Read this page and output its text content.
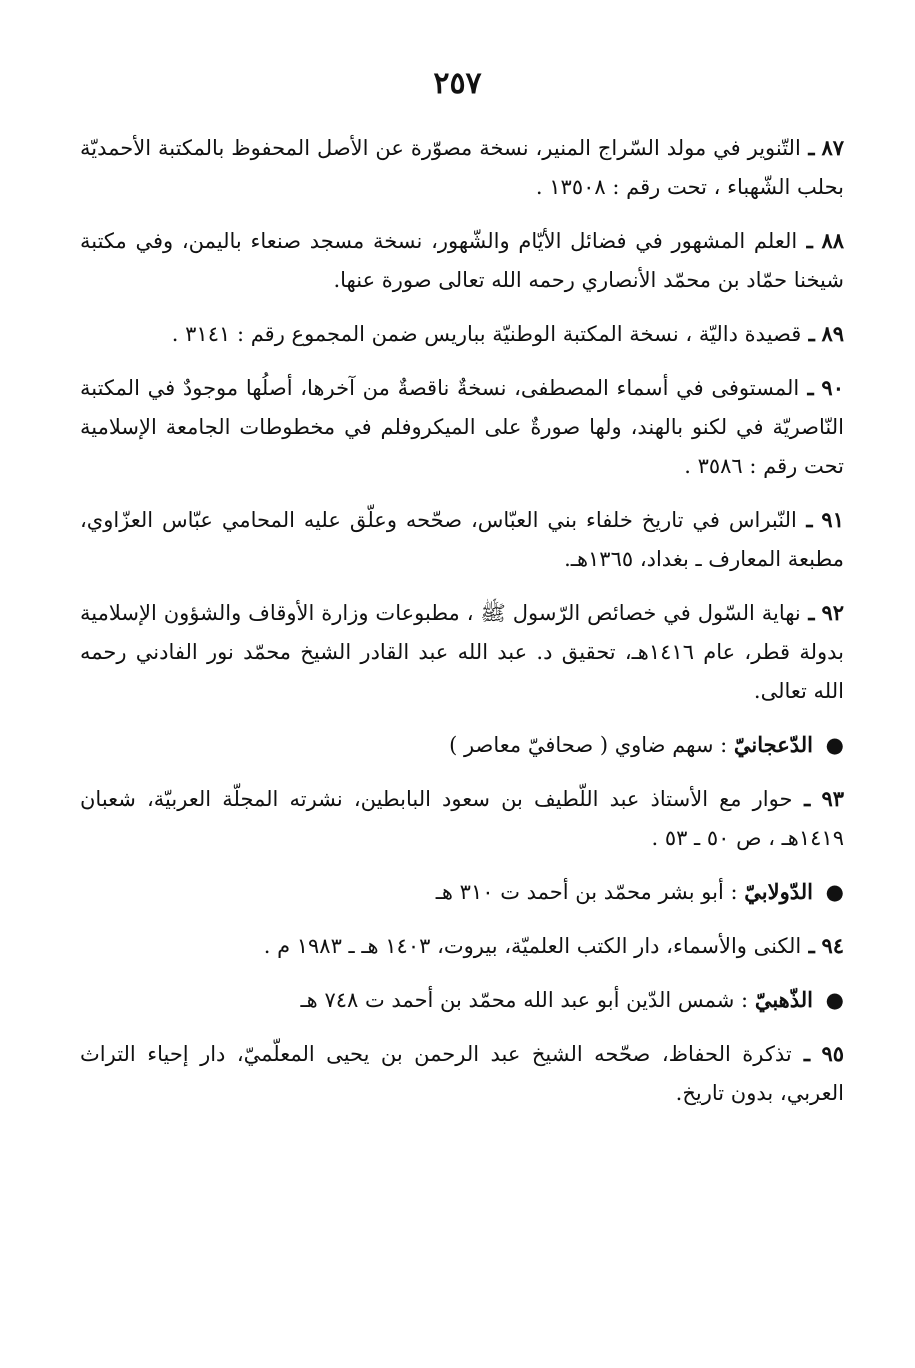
٢٥٧

٨٧ ـ التّنوير في مولد السّراج المنير، نسخة مصوّرة عن الأصل المحفوظ بالمكتبة الأحمديّة بحلب الشّهباء ، تحت رقم : ١٣٥٠٨ .

٨٨ ـ العلم المشهور في فضائل الأيّام والشّهور، نسخة مسجد صنعاء باليمن، وفي مكتبة شيخنا حمّاد بن محمّد الأنصاري رحمه الله تعالى صورة عنها.

٨٩ ـ قصيدة داليّة ، نسخة المكتبة الوطنيّة بباريس ضمن المجموع رقم : ٣١٤١ .

٩٠ ـ المستوفى في أسماء المصطفى، نسخةٌ ناقصةٌ من آخرها، أصلُها موجودٌ في المكتبة النّاصريّة في لكنو بالهند، ولها صورةٌ على الميكروفلم في مخطوطات الجامعة الإسلامية تحت رقم : ٣٥٨٦ .

٩١ ـ النّبراس في تاريخ خلفاء بني العبّاس، صحّحه وعلّق عليه المحامي عبّاس العزّاوي، مطبعة المعارف ـ بغداد، ١٣٦٥هـ.

٩٢ ـ نهاية السّول في خصائص الرّسول ﷺ ، مطبوعات وزارة الأوقاف والشؤون الإسلامية بدولة قطر، عام ١٤١٦هـ، تحقيق د. عبد الله عبد القادر الشيخ محمّد نور الفادني رحمه الله تعالى.

● الدّعجانيّ : سهم ضاوي ( صحافيّ معاصر )

٩٣ ـ حوار مع الأستاذ عبد اللّطيف بن سعود البابطين، نشرته المجلّة العربيّة، شعبان ١٤١٩هـ ، ص ٥٠ ـ ٥٣ .

● الدّولابيّ : أبو بشر محمّد بن أحمد ت ٣١٠ هـ

٩٤ ـ الكنى والأسماء، دار الكتب العلميّة، بيروت، ١٤٠٣ هـ ـ ١٩٨٣ م .

● الذّهبيّ : شمس الدّين أبو عبد الله محمّد بن أحمد ت ٧٤٨ هـ

٩٥ ـ تذكرة الحفاظ، صحّحه الشيخ عبد الرحمن بن يحيى المعلّميّ، دار إحياء التراث العربي، بدون تاريخ.
